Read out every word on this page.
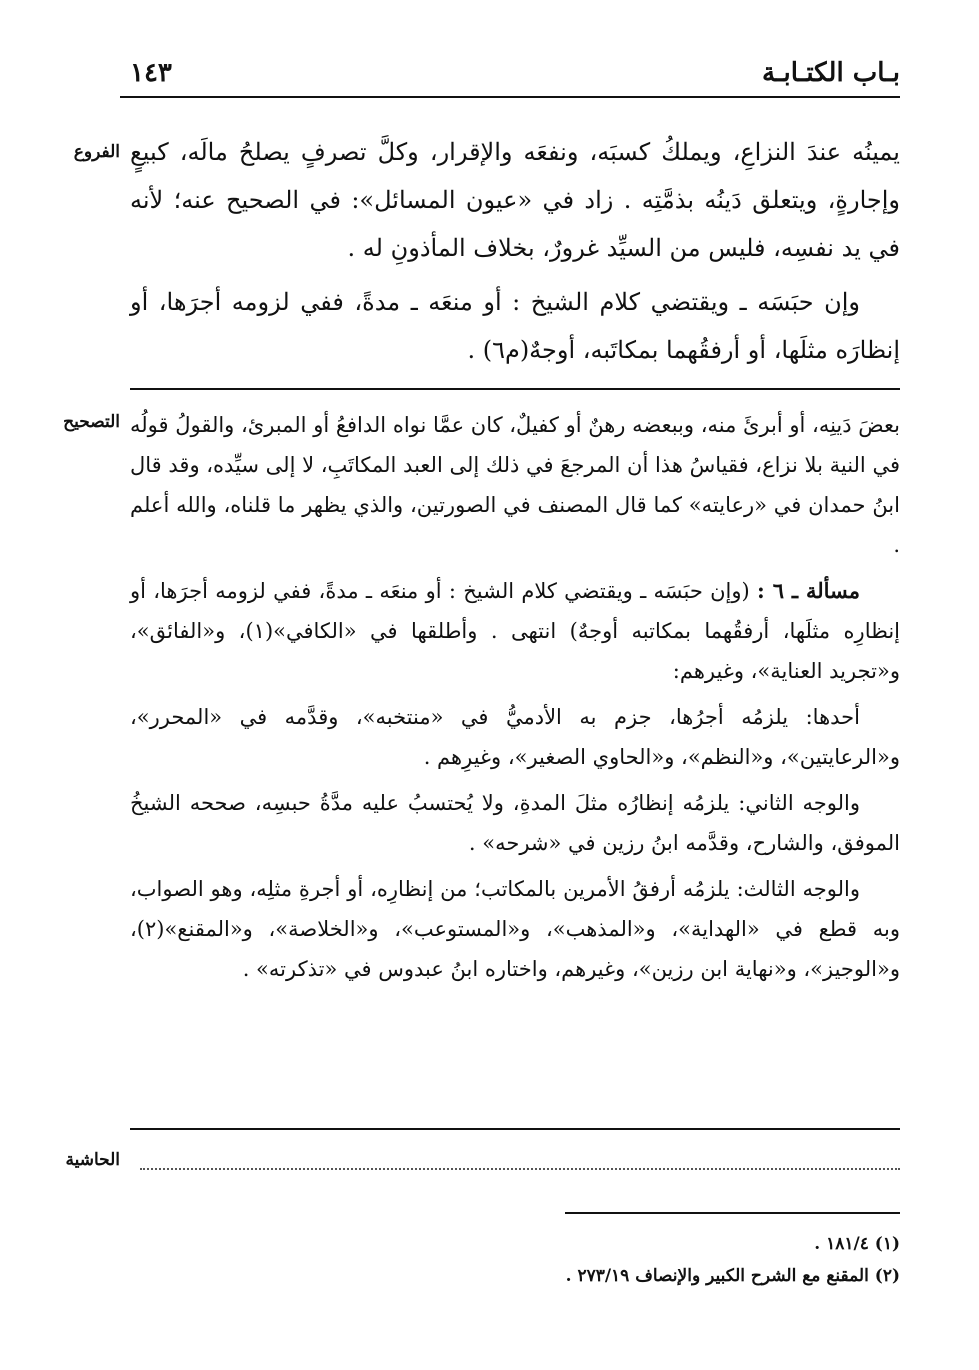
بـاب الكتـابـة
١٤٣
الفروع يمينُه عندَ النزاعِ، ويملكُ كسبَه، ونفعَه والإقرار، وكلَّ تصرفٍ يصلحُ مالَه، كبيعٍ وإجارةٍ، ويتعلق دَينُه بذمَّتِه . زاد في «عيون المسائل»: في الصحيح عنه؛ لأنه في يد نفسِه، فليس من السيِّد غرورٌ، بخلاف المأذونِ له .

وإن حبَسَه ـ ويقتضي كلام الشيخ : أو منعَه ـ مدةً، ففي لزومه أجرَها، أو إنظارَه مثلَها، أو أرفقُهما بمكاتَبه، أوجهٌ(م٦) .

التصحيح بعضَ دَينِه، أو أبرئَ منه، وببعضه رهنٌ أو كفيلٌ، كان عمَّا نواه الدافعُ أو المبرئ، والقولُ قولُه في النية بلا نزاع، فقياسُ هذا أن المرجعَ في ذلك إلى العبد المكاتَبِ، لا إلى سيِّده، وقد قال ابنُ حمدان في «رعايته» كما قال المصنف في الصورتين، والذي يظهر ما قلناه، والله أعلم .

مسألة ـ ٦ : (وإن حبَسَه ـ ويقتضي كلام الشيخ : أو منعَه ـ مدةً، ففي لزومه أجرَها، أو إنظارِه مثلَها، أرفقُهما بمكاتبه أوجهٌ) انتهى . وأطلقها في «الكافي»(١)، و«الفائق»، و«تجريد العناية»، وغيرهم:

أحدها: يلزمُه أجرُها، جزم به الأدميُّ في «منتخبه»، وقدَّمه في «المحرر»، و«الرعايتين»، و«النظم»، و«الحاوي الصغير»، وغيرِهم .

والوجه الثاني: يلزمُه إنظارُه مثلَ المدةِ، ولا يُحتسبُ عليه مدَّةُ حبسِه، صححه الشيخُ الموفق، والشارح، وقدَّمه ابنُ رزين في «شرحه» .

والوجه الثالث: يلزمُه أرفقُ الأمرين بالمكاتب؛ من إنظارِه، أو أجرةِ مثلِه، وهو الصواب، وبه قطع في «الهداية»، و«المذهب»، و«المستوعب»، و«الخلاصة»، و«المقنع»(٢)، و«الوجيز»، و«نهاية ابن رزين»، وغيرهم، واختاره ابنُ عبدوس في «تذكرته» .

الحاشية

(١) ١٨١/٤ .

(٢) المقنع مع الشرح الكبير والإنصاف ٢٧٣/١٩ .
